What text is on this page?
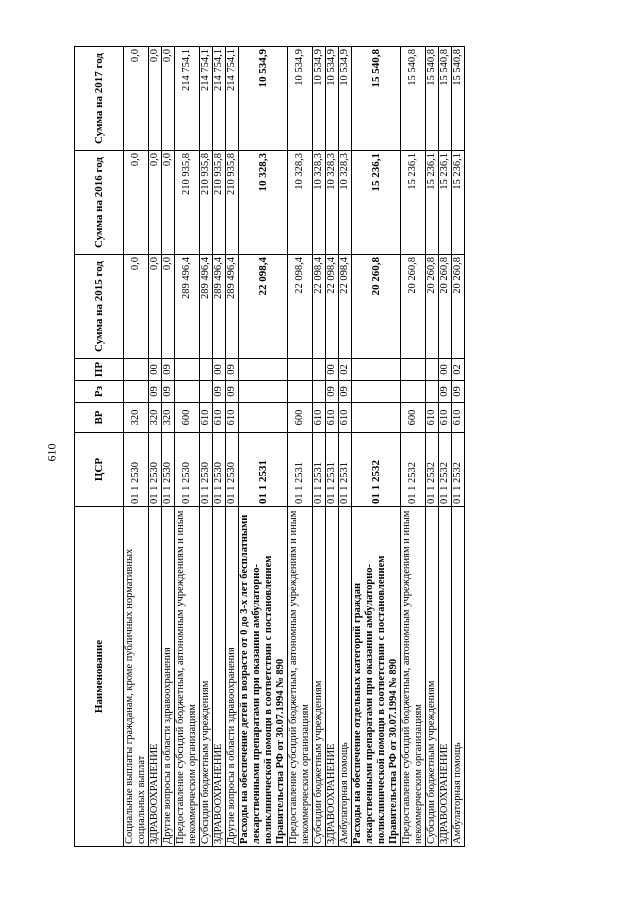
610
Наименование	ЦСР	ВР	Рз	ПР	Сумма на 2015 год	Сумма на 2016 год	Сумма на 2017 год
Социальные выплаты гражданам, кроме публичных нормативных социальных выплат	01 1 2530	320			0,0	0,0	0,0
ЗДРАВООХРАНЕНИЕ	01 1 2530	320	09	00	0,0	0,0	0,0
Другие вопросы в области здравоохранения	01 1 2530	320	09	09	0,0	0,0	0,0
Предоставление субсидий бюджетным, автономным учреждениям и иным некоммерческим организациям	01 1 2530	600			289 496,4	210 935,8	214 754,1
Субсидии бюджетным учреждениям	01 1 2530	610			289 496,4	210 935,8	214 754,1
ЗДРАВООХРАНЕНИЕ	01 1 2530	610	09	00	289 496,4	210 935,8	214 754,1
Другие вопросы в области здравоохранения	01 1 2530	610	09	09	289 496,4	210 935,8	214 754,1
Расходы на обеспечение детей в возрасте от 0 до 3-х лет бесплатными лекарственными препаратами при оказании амбулаторно-поликлинической помощи в соответствии с постановлением Правительства РФ от 30.07.1994 № 890	01 1 2531				22 098,4	10 328,3	10 534,9
Предоставление субсидий бюджетным, автономным учреждениям и иным некоммерческим организациям	01 1 2531	600			22 098,4	10 328,3	10 534,9
Субсидии бюджетным учреждениям	01 1 2531	610			22 098,4	10 328,3	10 534,9
ЗДРАВООХРАНЕНИЕ	01 1 2531	610	09	00	22 098,4	10 328,3	10 534,9
Амбулаторная помощь	01 1 2531	610	09	02	22 098,4	10 328,3	10 534,9
Расходы на обеспечение отдельных категорий граждан лекарственными препаратами при оказании амбулаторно-поликлинической помощи в соответствии с постановлением Правительства РФ от 30.07.1994 № 890	01 1 2532				20 260,8	15 236,1	15 540,8
Предоставление субсидий бюджетным, автономным учреждениям и иным некоммерческим организациям	01 1 2532	600			20 260,8	15 236,1	15 540,8
Субсидии бюджетным учреждениям	01 1 2532	610			20 260,8	15 236,1	15 540,8
ЗДРАВООХРАНЕНИЕ	01 1 2532	610	09	00	20 260,8	15 236,1	15 540,8
Амбулаторная помощь	01 1 2532	610	09	02	20 260,8	15 236,1	15 540,8
